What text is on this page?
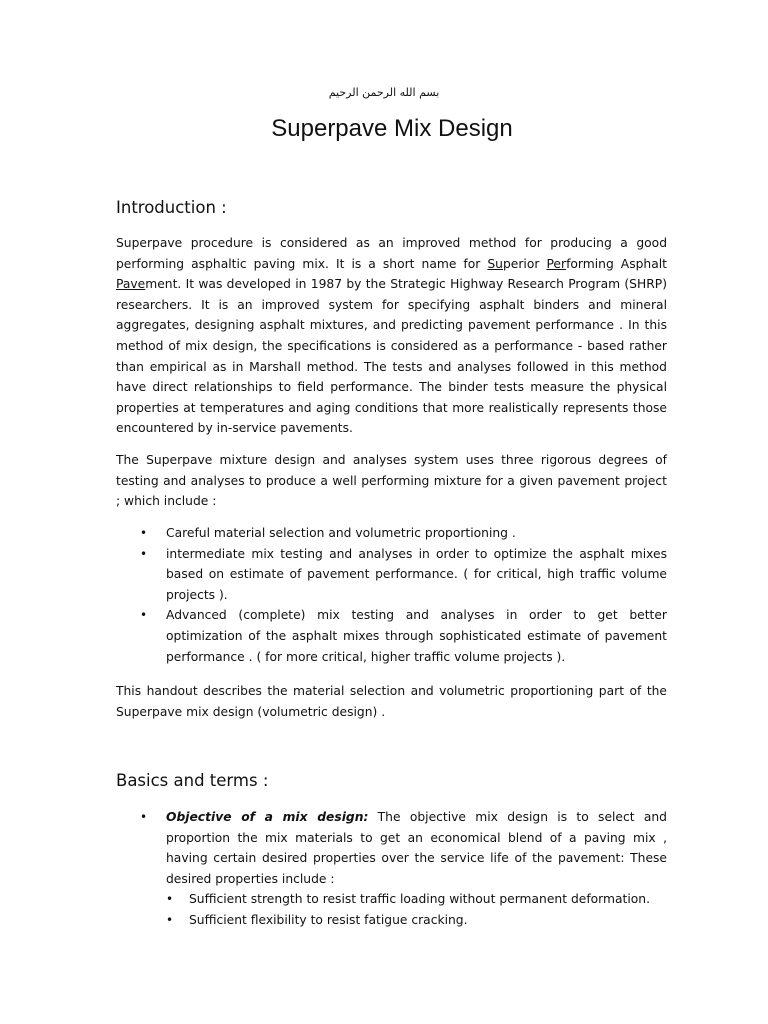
بسم الله الرحمن الرحيم
Superpave Mix Design
Introduction :

Superpave procedure is considered as an improved method for producing a good performing asphaltic paving mix. It is a short name for Superior Performing Asphalt Pavement. It was developed in 1987 by the Strategic Highway Research Program (SHRP) researchers. It is an improved system for specifying asphalt binders and mineral aggregates, designing asphalt mixtures, and predicting pavement performance . In this method of mix design, the specifications is considered as a performance - based rather than empirical as in Marshall method. The tests and analyses followed in this method have direct relationships to field performance. The binder tests measure the physical properties at temperatures and aging conditions that more realistically represents those encountered by in-service pavements.

The Superpave mixture design and analyses system uses three rigorous degrees of testing and analyses to produce a well performing mixture for a given pavement project ; which include :

• Careful material selection and volumetric proportioning .
• intermediate mix testing and analyses in order to optimize the asphalt mixes based on estimate of pavement performance. ( for critical, high traffic volume projects ).
• Advanced (complete) mix testing and analyses in order to get better optimization of the asphalt mixes through sophisticated estimate of pavement performance . ( for more critical, higher traffic volume projects ).

This handout describes the material selection and volumetric proportioning part of the Superpave mix design (volumetric design) .

Basics and terms :
• Objective of a mix design: The objective mix design is to select and proportion the mix materials to get an economical blend of a paving mix , having certain desired properties over the service life of the pavement: These desired properties include :
• Sufficient strength to resist traffic loading without permanent deformation.
• Sufficient flexibility to resist fatigue cracking.
